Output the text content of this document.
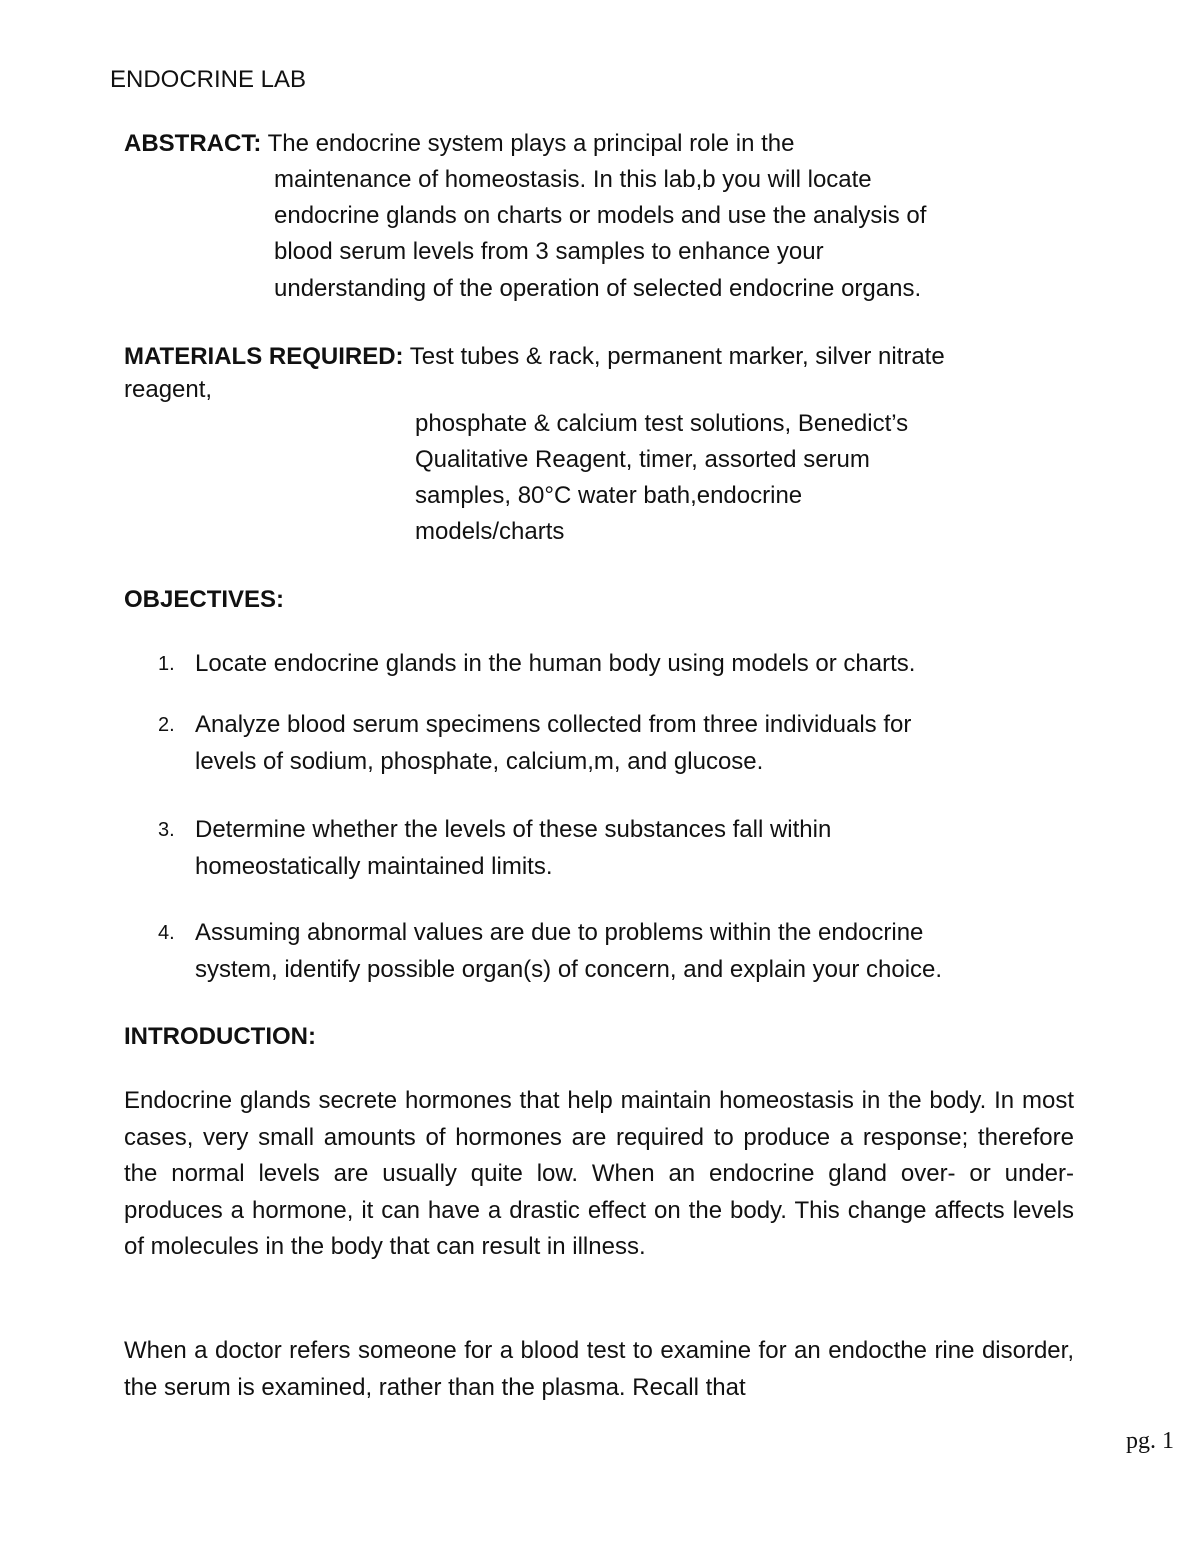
ENDOCRINE LAB
ABSTRACT: The endocrine system plays a principal role in the
maintenance of homeostasis. In this lab,b you will locate
endocrine glands on charts or models and use the analysis of
blood serum levels from 3 samples to enhance your
understanding of the operation of selected endocrine organs.
MATERIALS REQUIRED: Test tubes & rack, permanent marker, silver nitrate
reagent,
phosphate & calcium test solutions, Benedict’s
Qualitative Reagent, timer, assorted serum
samples, 80°C water bath,endocrine
models/charts
OBJECTIVES:
1. Locate endocrine glands in the human body using models or charts.
2. Analyze blood serum specimens collected from three individuals for
levels of sodium, phosphate, calcium,m, and glucose.
3. Determine whether the levels of these substances fall within
homeostatically maintained limits.
4. Assuming abnormal values are due to problems within the endocrine
system, identify possible organ(s) of concern, and explain your choice.
INTRODUCTION:
Endocrine glands secrete hormones that help maintain homeostasis in the body. In most cases, very small amounts of hormones are required to produce a response; therefore the normal levels are usually quite low. When an endocrine gland over- or under-produces a hormone, it can have a drastic effect on the body. This change affects levels of molecules in the body that can result in illness.
When a doctor refers someone for a blood test to examine for an endocthe rine disorder, the serum is examined, rather than the plasma. Recall that
pg. 1
